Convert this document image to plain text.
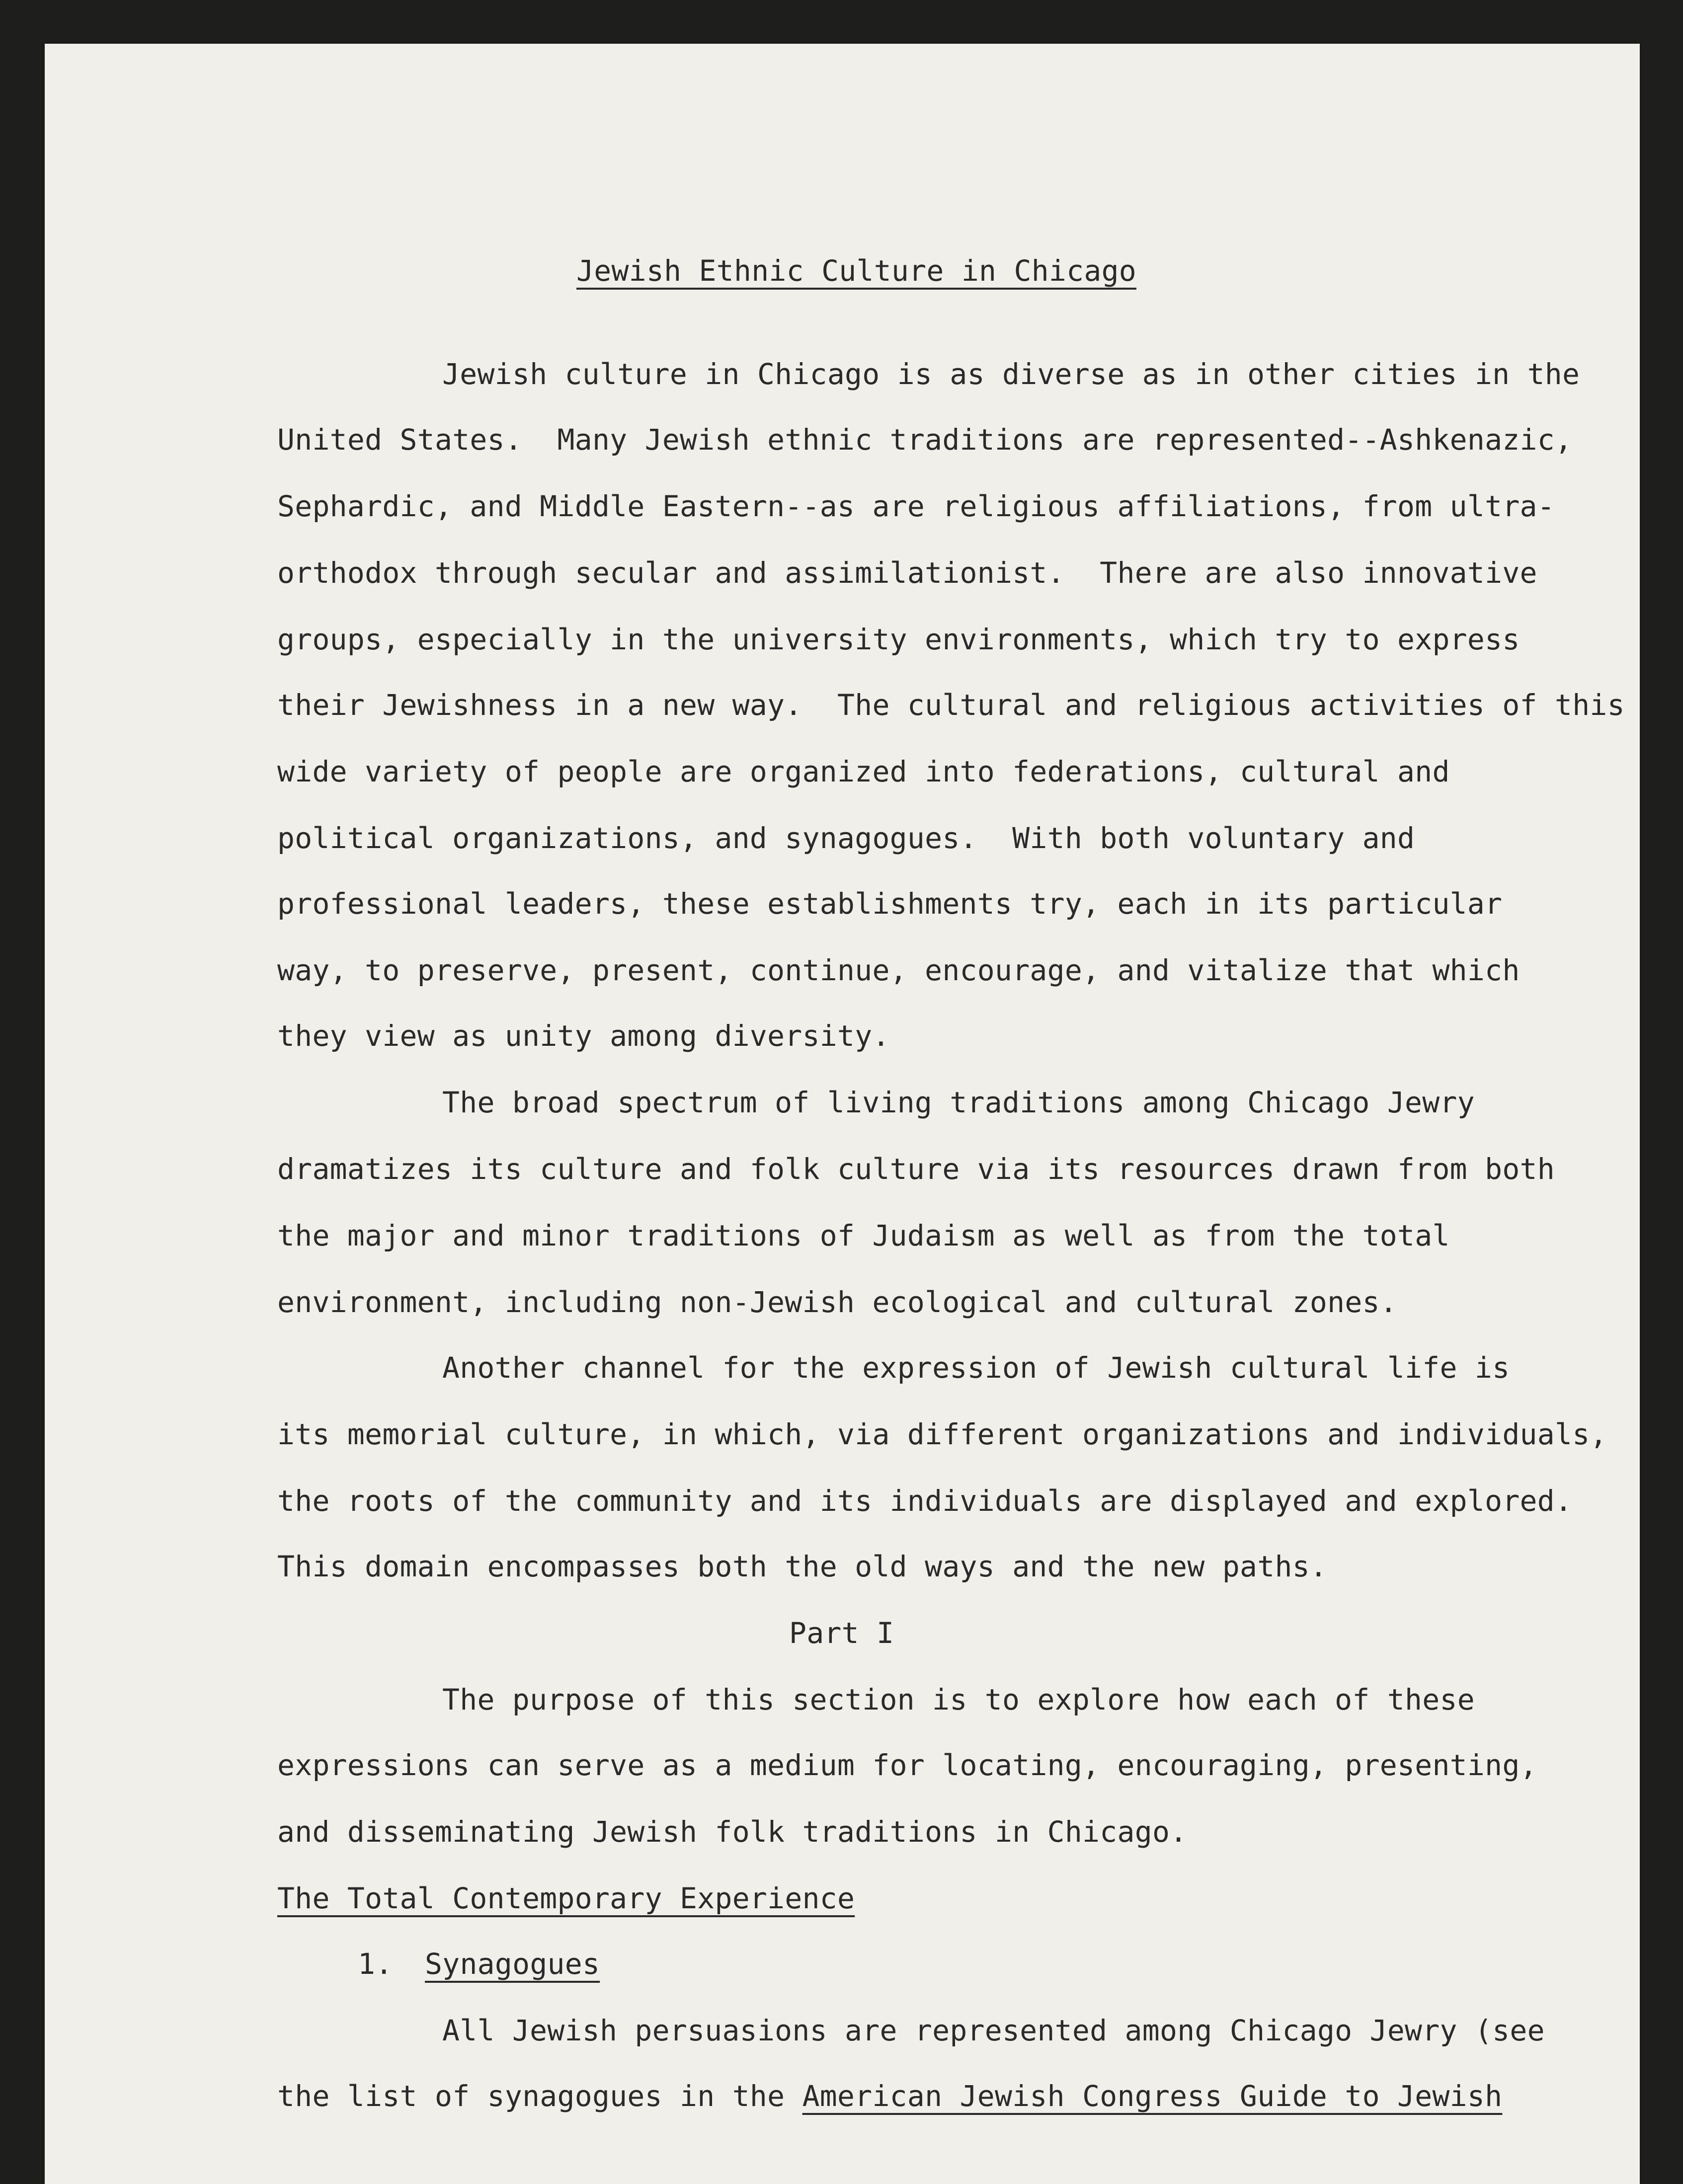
Jewish Ethnic Culture in Chicago
Jewish culture in Chicago is as diverse as in other cities in the
United States.  Many Jewish ethnic traditions are represented--Ashkenazic,
Sephardic, and Middle Eastern--as are religious affiliations, from ultra-
orthodox through secular and assimilationist.  There are also innovative
groups, especially in the university environments, which try to express
their Jewishness in a new way.  The cultural and religious activities of this
wide variety of people are organized into federations, cultural and
political organizations, and synagogues.  With both voluntary and
professional leaders, these establishments try, each in its particular
way, to preserve, present, continue, encourage, and vitalize that which
they view as unity among diversity.
The broad spectrum of living traditions among Chicago Jewry
dramatizes its culture and folk culture via its resources drawn from both
the major and minor traditions of Judaism as well as from the total
environment, including non-Jewish ecological and cultural zones.
Another channel for the expression of Jewish cultural life is
its memorial culture, in which, via different organizations and individuals,
the roots of the community and its individuals are displayed and explored.
This domain encompasses both the old ways and the new paths.
Part I
The purpose of this section is to explore how each of these
expressions can serve as a medium for locating, encouraging, presenting,
and disseminating Jewish folk traditions in Chicago.
The Total Contemporary Experience
1. Synagogues
All Jewish persuasions are represented among Chicago Jewry (see
the list of synagogues in the American Jewish Congress Guide to Jewish
